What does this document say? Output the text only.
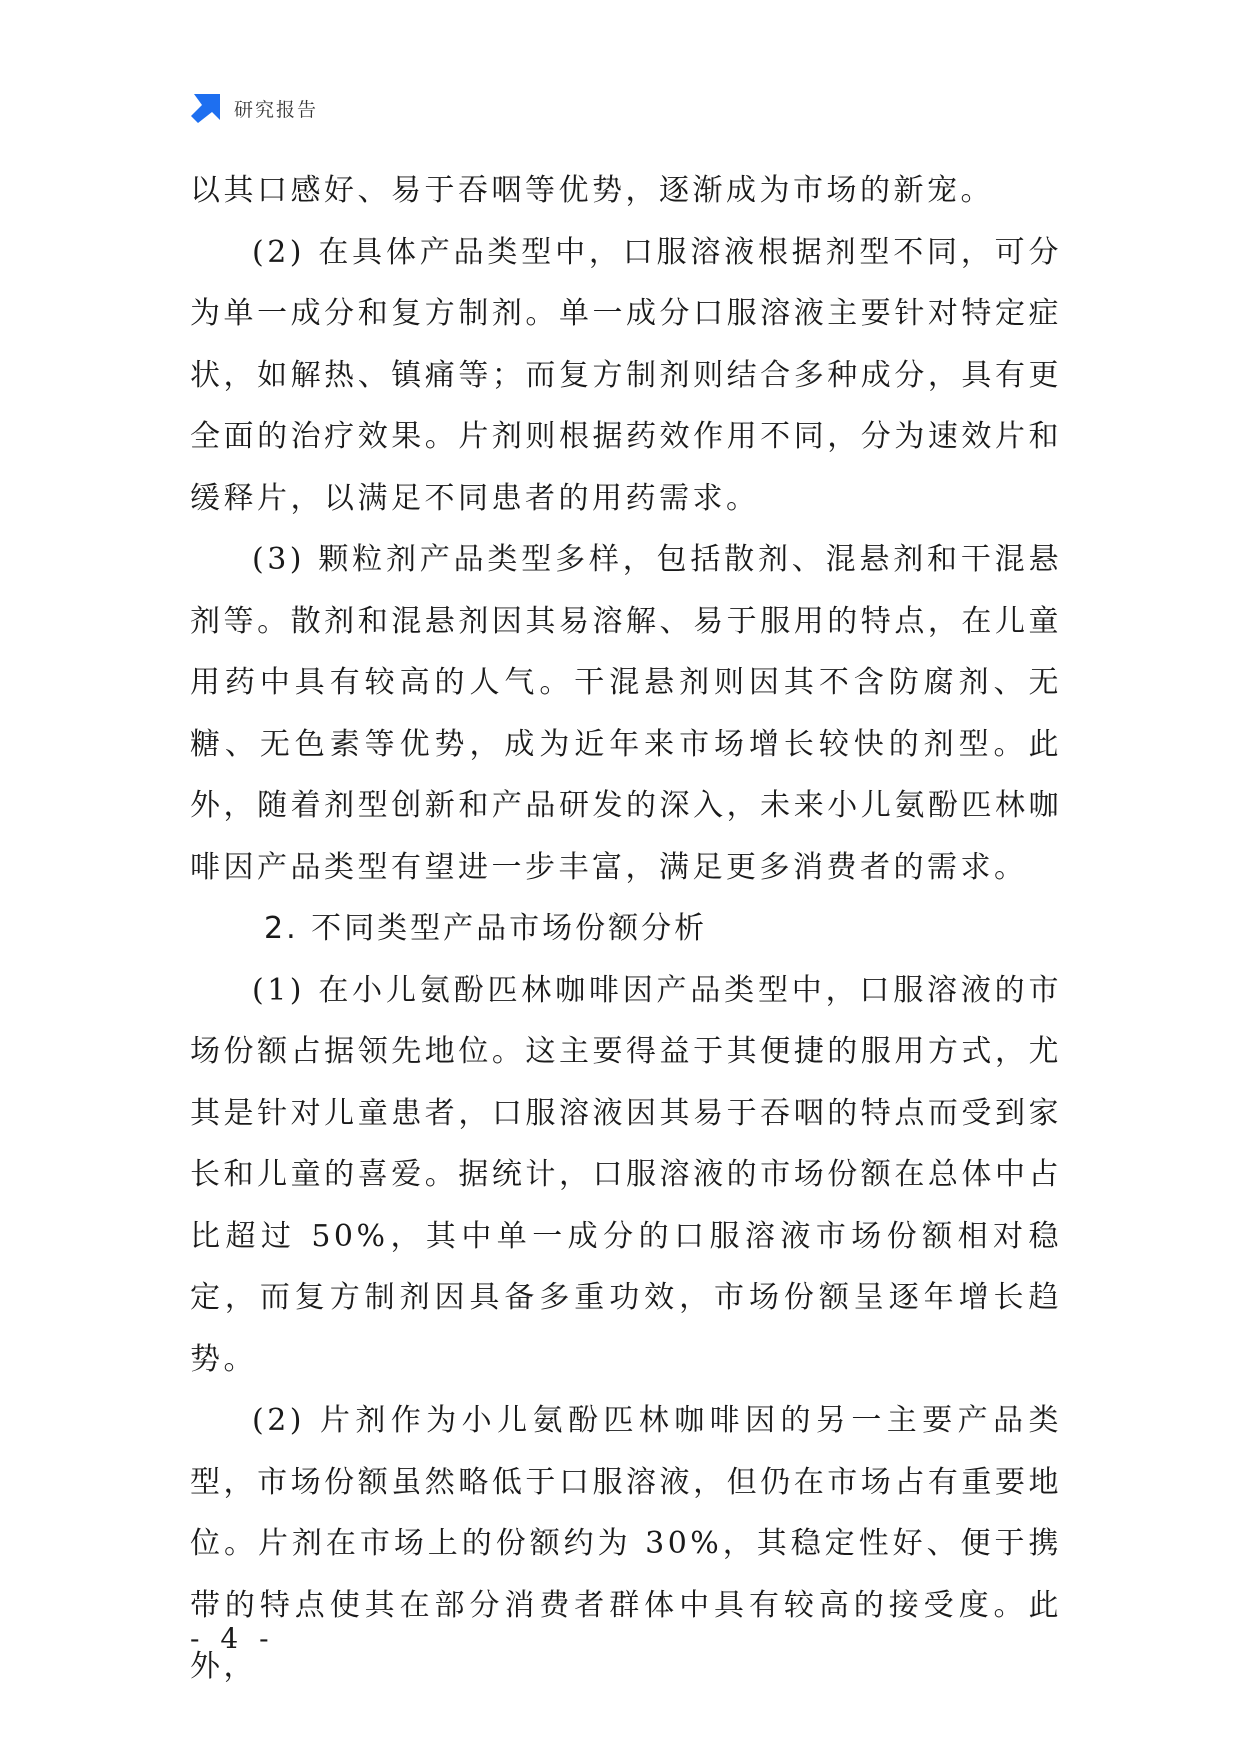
研究报告

以其口感好、易于吞咽等优势，逐渐成为市场的新宠。

(2) 在具体产品类型中，口服溶液根据剂型不同，可分为单一成分和复方制剂。单一成分口服溶液主要针对特定症状，如解热、镇痛等；而复方制剂则结合多种成分，具有更全面的治疗效果。片剂则根据药效作用不同，分为速效片和缓释片，以满足不同患者的用药需求。

(3) 颗粒剂产品类型多样，包括散剂、混悬剂和干混悬剂等。散剂和混悬剂因其易溶解、易于服用的特点，在儿童用药中具有较高的人气。干混悬剂则因其不含防腐剂、无糖、无色素等优势，成为近年来市场增长较快的剂型。此外，随着剂型创新和产品研发的深入，未来小儿氨酚匹林咖啡因产品类型有望进一步丰富，满足更多消费者的需求。

2. 不同类型产品市场份额分析

(1) 在小儿氨酚匹林咖啡因产品类型中，口服溶液的市场份额占据领先地位。这主要得益于其便捷的服用方式，尤其是针对儿童患者，口服溶液因其易于吞咽的特点而受到家长和儿童的喜爱。据统计，口服溶液的市场份额在总体中占比超过 50%，其中单一成分的口服溶液市场份额相对稳定，而复方制剂因具备多重功效，市场份额呈逐年增长趋势。

(2) 片剂作为小儿氨酚匹林咖啡因的另一主要产品类型，市场份额虽然略低于口服溶液，但仍在市场占有重要地位。片剂在市场上的份额约为 30%，其稳定性好、便于携带的特点使其在部分消费者群体中具有较高的接受度。此外，

- 4 -
